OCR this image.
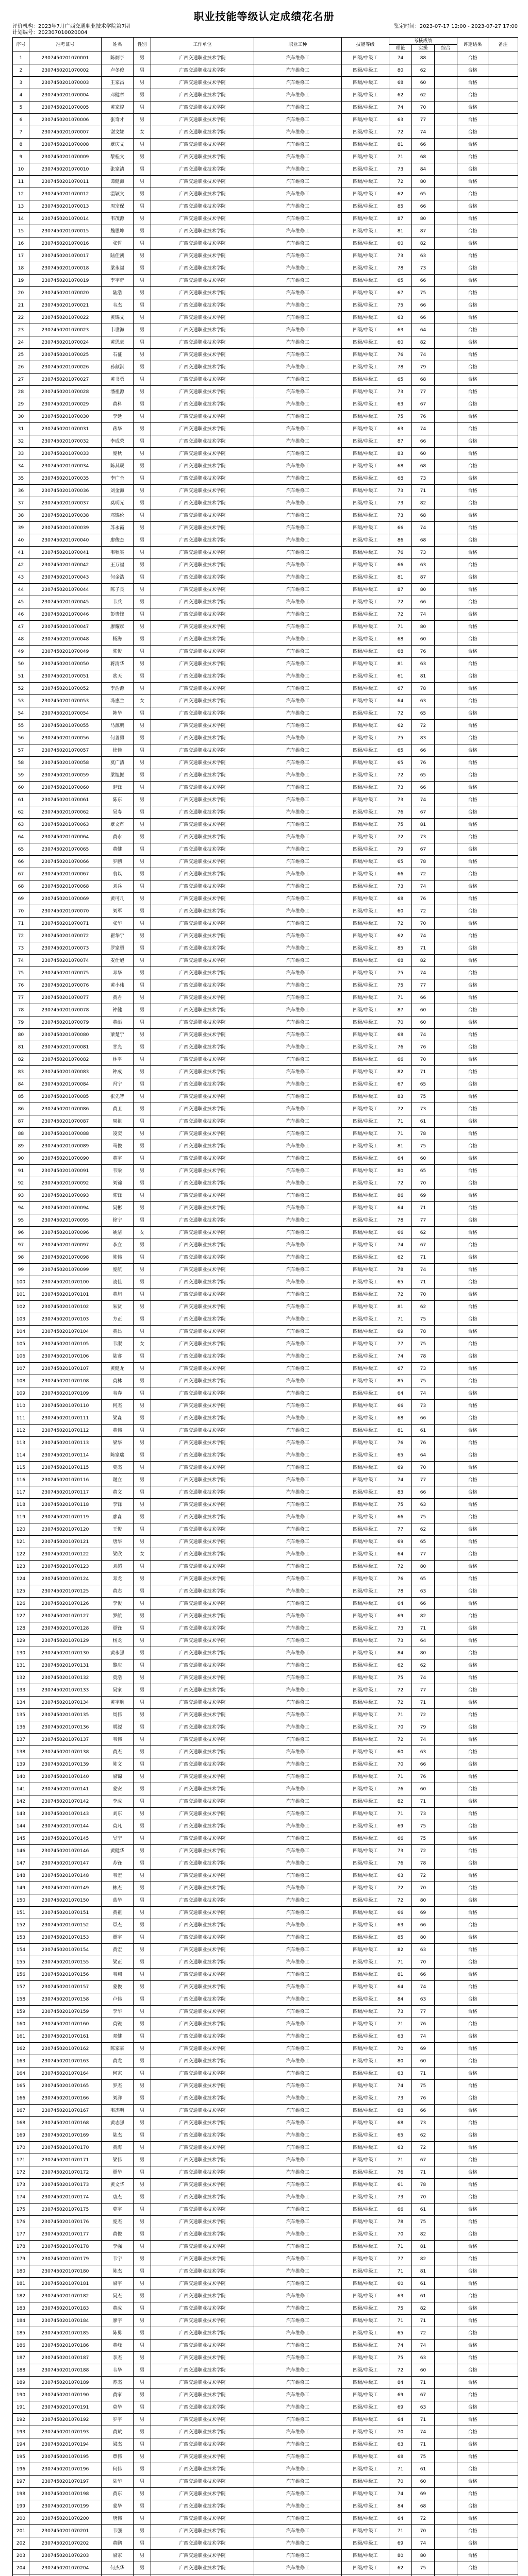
职业技能等级认定成绩花名册
评价机构：2023年7月广西交通职业技术学院第7期	鉴定时间：2023-07-17 12:00 - 2023-07-27 17:00
计划编号：202307010020004
序号	准考证号	姓名	性别	工作单位	职业工种	技能等级	考核成绩			评定结果	备注
							理论	实操	综合		
1	2307450201070001	陈炳亨	男	广西交通职业技术学院	汽车维修工	四级/中级工	74	88		合格	
2	2307450201070002	卢冬俊	男	广西交通职业技术学院	汽车维修工	四级/中级工	80	62		合格	
3	2307450201070003	王家昌	男	广西交通职业技术学院	汽车维修工	四级/中级工	68	60		合格	
4	2307450201070004	邓健章	男	广西交通职业技术学院	汽车维修工	四级/中级工	62	62		合格	
5	2307450201070005	黄家煌	男	广西交通职业技术学院	汽车维修工	四级/中级工	74	70		合格	
6	2307450201070006	张奇才	男	广西交通职业技术学院	汽车维修工	四级/中级工	63	77		合格	
7	2307450201070007	谢文娜	女	广西交通职业技术学院	汽车维修工	四级/中级工	72	74		合格	
8	2307450201070008	覃庆文	男	广西交通职业技术学院	汽车维修工	四级/中级工	81	66		合格	
9	2307450201070009	黎桂文	男	广西交通职业技术学院	汽车维修工	四级/中级工	71	68		合格	
10	2307450201070010	张家清	男	广西交通职业技术学院	汽车维修工	四级/中级工	73	84		合格	
11	2307450201070011	谭健海	男	广西交通职业技术学院	汽车维修工	四级/中级工	72	80		合格	
12	2307450201070012	温颖文	男	广西交通职业技术学院	汽车维修工	四级/中级工	62	65		合格	
13	2307450201070013	周宗保	男	广西交通职业技术学院	汽车维修工	四级/中级工	85	66		合格	
14	2307450201070014	韦茂源	男	广西交通职业技术学院	汽车维修工	四级/中级工	87	80		合格	
15	2307450201070015	魏思坤	男	广西交通职业技术学院	汽车维修工	四级/中级工	81	87		合格	
16	2307450201070016	张哲	男	广西交通职业技术学院	汽车维修工	四级/中级工	60	82		合格	
17	2307450201070017	陆佳凯	男	广西交通职业技术学院	汽车维修工	四级/中级工	73	63		合格	
18	2307450201070018	梁永福	男	广西交通职业技术学院	汽车维修工	四级/中级工	78	73		合格	
19	2307450201070019	李宇奇	男	广西交通职业技术学院	汽车维修工	四级/中级工	65	66		合格	
20	2307450201070020	陆浩	男	广西交通职业技术学院	汽车维修工	四级/中级工	67	75		合格	
21	2307450201070021	韦杰	男	广西交通职业技术学院	汽车维修工	四级/中级工	75	66		合格	
22	2307450201070022	黄锦文	男	广西交通职业技术学院	汽车维修工	四级/中级工	63	66		合格	
23	2307450201070023	韦世海	男	广西交通职业技术学院	汽车维修工	四级/中级工	63	64		合格	
24	2307450201070024	黄思豪	男	广西交通职业技术学院	汽车维修工	四级/中级工	60	82		合格	
25	2307450201070025	石征	男	广西交通职业技术学院	汽车维修工	四级/中级工	76	74		合格	
26	2307450201070026	孙颜淇	男	广西交通职业技术学院	汽车维修工	四级/中级工	78	79		合格	
27	2307450201070027	黄书勇	男	广西交通职业技术学院	汽车维修工	四级/中级工	65	68		合格	
28	2307450201070028	潘祖源	男	广西交通职业技术学院	汽车维修工	四级/中级工	73	77		合格	
29	2307450201070029	黄科	男	广西交通职业技术学院	汽车维修工	四级/中级工	63	67		合格	
30	2307450201070030	李延	男	广西交通职业技术学院	汽车维修工	四级/中级工	75	76		合格	
31	2307450201070031	蒋华	男	广西交通职业技术学院	汽车维修工	四级/中级工	63	74		合格	
32	2307450201070032	李成荣	男	广西交通职业技术学院	汽车维修工	四级/中级工	87	66		合格	
33	2307450201070033	庞秋	男	广西交通职业技术学院	汽车维修工	四级/中级工	83	60		合格	
34	2307450201070034	陈其晟	男	广西交通职业技术学院	汽车维修工	四级/中级工	68	68		合格	
35	2307450201070035	李广全	男	广西交通职业技术学院	汽车维修工	四级/中级工	68	73		合格	
36	2307450201070036	刘金海	男	广西交通职业技术学院	汽车维修工	四级/中级工	73	71		合格	
37	2307450201070037	莫明光	男	广西交通职业技术学院	汽车维修工	四级/中级工	73	82		合格	
38	2307450201070038	邓锦伦	男	广西交通职业技术学院	汽车维修工	四级/中级工	73	68		合格	
39	2307450201070039	苏永霞	男	广西交通职业技术学院	汽车维修工	四级/中级工	66	74		合格	
40	2307450201070040	廖俊杰	男	广西交通职业技术学院	汽车维修工	四级/中级工	86	68		合格	
41	2307450201070041	韦秋实	男	广西交通职业技术学院	汽车维修工	四级/中级工	76	73		合格	
42	2307450201070042	王万福	男	广西交通职业技术学院	汽车维修工	四级/中级工	66	63		合格	
43	2307450201070043	何金浩	男	广西交通职业技术学院	汽车维修工	四级/中级工	81	87		合格	
44	2307450201070044	陈子良	男	广西交通职业技术学院	汽车维修工	四级/中级工	87	80		合格	
45	2307450201070045	韦兵	男	广西交通职业技术学院	汽车维修工	四级/中级工	72	66		合格	
46	2307450201070046	彭贵锋	男	广西交通职业技术学院	汽车维修工	四级/中级工	72	74		合格	
47	2307450201070047	廖耀彦	男	广西交通职业技术学院	汽车维修工	四级/中级工	71	80		合格	
48	2307450201070048	杨海	男	广西交通职业技术学院	汽车维修工	四级/中级工	68	60		合格	
49	2307450201070049	陈俊	男	广西交通职业技术学院	汽车维修工	四级/中级工	68	76		合格	
50	2307450201070050	蒋清华	男	广西交通职业技术学院	汽车维修工	四级/中级工	81	63		合格	
51	2307450201070051	欧天	男	广西交通职业技术学院	汽车维修工	四级/中级工	61	81		合格	
52	2307450201070052	李浩源	男	广西交通职业技术学院	汽车维修工	四级/中级工	67	78		合格	
53	2307450201070053	冯惠兰	女	广西交通职业技术学院	汽车维修工	四级/中级工	64	63		合格	
54	2307450201070054	韩华	男	广西交通职业技术学院	汽车维修工	四级/中级工	72	65		合格	
55	2307450201070055	马源鹏	男	广西交通职业技术学院	汽车维修工	四级/中级工	62	72		合格	
56	2307450201070056	何善勇	男	广西交通职业技术学院	汽车维修工	四级/中级工	75	83		合格	
57	2307450201070057	徐佳	男	广西交通职业技术学院	汽车维修工	四级/中级工	65	66		合格	
58	2307450201070058	莫广清	男	广西交通职业技术学院	汽车维修工	四级/中级工	65	76		合格	
59	2307450201070059	梁旭振	男	广西交通职业技术学院	汽车维修工	四级/中级工	72	65		合格	
60	2307450201070060	赵锋	男	广西交通职业技术学院	汽车维修工	四级/中级工	73	66		合格	
61	2307450201070061	陈东	男	广西交通职业技术学院	汽车维修工	四级/中级工	73	74		合格	
62	2307450201070062	吴寿	男	广西交通职业技术学院	汽车维修工	四级/中级工	76	67		合格	
63	2307450201070063	覃文辉	男	广西交通职业技术学院	汽车维修工	四级/中级工	75	81		合格	
64	2307450201070064	黄永	男	广西交通职业技术学院	汽车维修工	四级/中级工	72	73		合格	
65	2307450201070065	黄健	男	广西交通职业技术学院	汽车维修工	四级/中级工	79	67		合格	
66	2307450201070066	罗鹏	男	广西交通职业技术学院	汽车维修工	四级/中级工	65	78		合格	
67	2307450201070067	翁以	男	广西交通职业技术学院	汽车维修工	四级/中级工	66	72		合格	
68	2307450201070068	刘兵	男	广西交通职业技术学院	汽车维修工	四级/中级工	73	74		合格	
69	2307450201070069	黄可凡	男	广西交通职业技术学院	汽车维修工	四级/中级工	68	76		合格	
70	2307450201070070	刘军	男	广西交通职业技术学院	汽车维修工	四级/中级工	60	72		合格	
71	2307450201070071	张华	男	广西交通职业技术学院	汽车维修工	四级/中级工	72	70		合格	
72	2307450201070072	翟华宁	男	广西交通职业技术学院	汽车维修工	四级/中级工	62	74		合格	
73	2307450201070073	罗家勇	男	广西交通职业技术学院	汽车维修工	四级/中级工	85	71		合格	
74	2307450201070074	麦仕旭	男	广西交通职业技术学院	汽车维修工	四级/中级工	68	82		合格	
75	2307450201070075	邓华	男	广西交通职业技术学院	汽车维修工	四级/中级工	75	74		合格	
76	2307450201070076	黄小伟	男	广西交通职业技术学院	汽车维修工	四级/中级工	75	77		合格	
77	2307450201070077	黄君	男	广西交通职业技术学院	汽车维修工	四级/中级工	71	66		合格	
78	2307450201070078	钟健	男	广西交通职业技术学院	汽车维修工	四级/中级工	87	60		合格	
79	2307450201070079	黄彪	男	广西交通职业技术学院	汽车维修工	四级/中级工	70	60		合格	
80	2307450201070080	梁楚宁	男	广西交通职业技术学院	汽车维修工	四级/中级工	68	74		合格	
81	2307450201070081	甘光	男	广西交通职业技术学院	汽车维修工	四级/中级工	76	76		合格	
82	2307450201070082	林平	男	广西交通职业技术学院	汽车维修工	四级/中级工	66	70		合格	
83	2307450201070083	钟成	男	广西交通职业技术学院	汽车维修工	四级/中级工	82	71		合格	
84	2307450201070084	冯宁	男	广西交通职业技术学院	汽车维修工	四级/中级工	67	65		合格	
85	2307450201070085	张先智	男	广西交通职业技术学院	汽车维修工	四级/中级工	83	75		合格	
86	2307450201070086	黄卫	男	广西交通职业技术学院	汽车维修工	四级/中级工	72	73		合格	
87	2307450201070087	周祖	男	广西交通职业技术学院	汽车维修工	四级/中级工	71	61		合格	
88	2307450201070088	凌奕	男	广西交通职业技术学院	汽车维修工	四级/中级工	71	78		合格	
89	2307450201070089	马俊	男	广西交通职业技术学院	汽车维修工	四级/中级工	81	75		合格	
90	2307450201070090	黄宇	男	广西交通职业技术学院	汽车维修工	四级/中级工	64	60		合格	
91	2307450201070091	韦梁	男	广西交通职业技术学院	汽车维修工	四级/中级工	80	65		合格	
92	2307450201070092	刘锦	男	广西交通职业技术学院	汽车维修工	四级/中级工	72	70		合格	
93	2307450201070093	陈锋	男	广西交通职业技术学院	汽车维修工	四级/中级工	86	69		合格	
94	2307450201070094	吴彬	男	广西交通职业技术学院	汽车维修工	四级/中级工	64	71		合格	
95	2307450201070095	徐宁	男	广西交通职业技术学院	汽车维修工	四级/中级工	78	77		合格	
96	2307450201070096	姚洁	女	广西交通职业技术学院	汽车维修工	四级/中级工	66	62		合格	
97	2307450201070097	李立	男	广西交通职业技术学院	汽车维修工	四级/中级工	74	67		合格	
98	2307450201070098	陈伟	男	广西交通职业技术学院	汽车维修工	四级/中级工	62	71		合格	
99	2307450201070099	庞航	男	广西交通职业技术学院	汽车维修工	四级/中级工	78	74		合格	
100	2307450201070100	凌佳	男	广西交通职业技术学院	汽车维修工	四级/中级工	65	71		合格	
101	2307450201070101	黄旭	男	广西交通职业技术学院	汽车维修工	四级/中级工	72	70		合格	
102	2307450201070102	朱贤	男	广西交通职业技术学院	汽车维修工	四级/中级工	81	62		合格	
103	2307450201070103	方正	男	广西交通职业技术学院	汽车维修工	四级/中级工	71	75		合格	
104	2307450201070104	黄昌	男	广西交通职业技术学院	汽车维修工	四级/中级工	69	78		合格	
105	2307450201070105	韦淑	女	广西交通职业技术学院	汽车维修工	四级/中级工	77	75		合格	
106	2307450201070106	陆睿	男	广西交通职业技术学院	汽车维修工	四级/中级工	74	78		合格	
107	2307450201070107	黄健龙	男	广西交通职业技术学院	汽车维修工	四级/中级工	67	73		合格	
108	2307450201070108	莫林	男	广西交通职业技术学院	汽车维修工	四级/中级工	85	75		合格	
109	2307450201070109	韦春	男	广西交通职业技术学院	汽车维修工	四级/中级工	64	74		合格	
110	2307450201070110	何杰	男	广西交通职业技术学院	汽车维修工	四级/中级工	66	73		合格	
111	2307450201070111	梁森	男	广西交通职业技术学院	汽车维修工	四级/中级工	68	66		合格	
112	2307450201070112	黄伟	男	广西交通职业技术学院	汽车维修工	四级/中级工	81	61		合格	
113	2307450201070113	梁华	男	广西交通职业技术学院	汽车维修工	四级/中级工	76	76		合格	
114	2307450201070114	陈家瑞	男	广西交通职业技术学院	汽车维修工	四级/中级工	65	64		合格	
115	2307450201070115	莫杰	男	广西交通职业技术学院	汽车维修工	四级/中级工	69	70		合格	
116	2307450201070116	谢立	男	广西交通职业技术学院	汽车维修工	四级/中级工	74	77		合格	
117	2307450201070117	黄文	男	广西交通职业技术学院	汽车维修工	四级/中级工	83	66		合格	
118	2307450201070118	李锋	男	广西交通职业技术学院	汽车维修工	四级/中级工	75	63		合格	
119	2307450201070119	廖森	男	广西交通职业技术学院	汽车维修工	四级/中级工	66	75		合格	
120	2307450201070120	王俊	男	广西交通职业技术学院	汽车维修工	四级/中级工	77	62		合格	
121	2307450201070121	唐华	男	广西交通职业技术学院	汽车维修工	四级/中级工	69	65		合格	
122	2307450201070122	梁欣	女	广西交通职业技术学院	汽车维修工	四级/中级工	64	77		合格	
123	2307450201070123	刘超	男	广西交通职业技术学院	汽车维修工	四级/中级工	72	80		合格	
124	2307450201070124	邓龙	男	广西交通职业技术学院	汽车维修工	四级/中级工	76	65		合格	
125	2307450201070125	黄志	男	广西交通职业技术学院	汽车维修工	四级/中级工	78	63		合格	
126	2307450201070126	李俊	男	广西交通职业技术学院	汽车维修工	四级/中级工	64	66		合格	
127	2307450201070127	罗航	男	广西交通职业技术学院	汽车维修工	四级/中级工	69	82		合格	
128	2307450201070128	覃锋	男	广西交通职业技术学院	汽车维修工	四级/中级工	73	71		合格	
129	2307450201070129	杨龙	男	广西交通职业技术学院	汽车维修工	四级/中级工	73	64		合格	
130	2307450201070130	黄永强	男	广西交通职业技术学院	汽车维修工	四级/中级工	84	80		合格	
131	2307450201070131	黎庆	男	广西交通职业技术学院	汽车维修工	四级/中级工	62	62		合格	
132	2307450201070132	莫浩	男	广西交通职业技术学院	汽车维修工	四级/中级工	75	74		合格	
133	2307450201070133	吴家	男	广西交通职业技术学院	汽车维修工	四级/中级工	72	77		合格	
134	2307450201070134	黄宇航	男	广西交通职业技术学院	汽车维修工	四级/中级工	72	71		合格	
135	2307450201070135	周伟	男	广西交通职业技术学院	汽车维修工	四级/中级工	71	72		合格	
136	2307450201070136	胡源	男	广西交通职业技术学院	汽车维修工	四级/中级工	70	79		合格	
137	2307450201070137	韦伟	男	广西交通职业技术学院	汽车维修工	四级/中级工	72	74		合格	
138	2307450201070138	黄杰	男	广西交通职业技术学院	汽车维修工	四级/中级工	60	63		合格	
139	2307450201070139	陈文	男	广西交通职业技术学院	汽车维修工	四级/中级工	70	66		合格	
140	2307450201070140	梁锦	男	广西交通职业技术学院	汽车维修工	四级/中级工	71	76		合格	
141	2307450201070141	蒙安	男	广西交通职业技术学院	汽车维修工	四级/中级工	76	60		合格	
142	2307450201070142	李成	男	广西交通职业技术学院	汽车维修工	四级/中级工	82	71		合格	
143	2307450201070143	刘东	男	广西交通职业技术学院	汽车维修工	四级/中级工	71	73		合格	
144	2307450201070144	莫凡	男	广西交通职业技术学院	汽车维修工	四级/中级工	69	75		合格	
145	2307450201070145	吴宁	男	广西交通职业技术学院	汽车维修工	四级/中级工	66	75		合格	
146	2307450201070146	黄健华	男	广西交通职业技术学院	汽车维修工	四级/中级工	73	72		合格	
147	2307450201070147	苏锋	男	广西交通职业技术学院	汽车维修工	四级/中级工	76	78		合格	
148	2307450201070148	韦宏	男	广西交通职业技术学院	汽车维修工	四级/中级工	63	72		合格	
149	2307450201070149	林杰	男	广西交通职业技术学院	汽车维修工	四级/中级工	72	70		合格	
150	2307450201070150	蓝华	男	广西交通职业技术学院	汽车维修工	四级/中级工	72	80		合格	
151	2307450201070151	黄祖	男	广西交通职业技术学院	汽车维修工	四级/中级工	66	69		合格	
152	2307450201070152	覃杰	男	广西交通职业技术学院	汽车维修工	四级/中级工	63	66		合格	
153	2307450201070153	覃宇	男	广西交通职业技术学院	汽车维修工	四级/中级工	85	80		合格	
154	2307450201070154	黄宏	男	广西交通职业技术学院	汽车维修工	四级/中级工	82	63		合格	
155	2307450201070155	梁正	男	广西交通职业技术学院	汽车维修工	四级/中级工	71	70		合格	
156	2307450201070156	韦翔	男	广西交通职业技术学院	汽车维修工	四级/中级工	81	66		合格	
157	2307450201070157	蒙俊	男	广西交通职业技术学院	汽车维修工	四级/中级工	64	74		合格	
158	2307450201070158	卢伟	男	广西交通职业技术学院	汽车维修工	四级/中级工	84	63		合格	
159	2307450201070159	李华	男	广西交通职业技术学院	汽车维修工	四级/中级工	73	77		合格	
160	2307450201070160	莫锐	男	广西交通职业技术学院	汽车维修工	四级/中级工	71	76		合格	
161	2307450201070161	邓健	男	广西交通职业技术学院	汽车维修工	四级/中级工	63	74		合格	
162	2307450201070162	陈家豪	男	广西交通职业技术学院	汽车维修工	四级/中级工	70	69		合格	
163	2307450201070163	黄龙	男	广西交通职业技术学院	汽车维修工	四级/中级工	80	60		合格	
164	2307450201070164	何家	男	广西交通职业技术学院	汽车维修工	四级/中级工	63	71		合格	
165	2307450201070165	罗杰	男	广西交通职业技术学院	汽车维修工	四级/中级工	74	75		合格	
166	2307450201070166	刘洋	男	广西交通职业技术学院	汽车维修工	四级/中级工	73	76		合格	
167	2307450201070167	韦杰明	男	广西交通职业技术学院	汽车维修工	四级/中级工	68	66		合格	
168	2307450201070168	黄志强	男	广西交通职业技术学院	汽车维修工	四级/中级工	68	73		合格	
169	2307450201070169	陆杰	男	广西交通职业技术学院	汽车维修工	四级/中级工	65	62		合格	
170	2307450201070170	黄海	男	广西交通职业技术学院	汽车维修工	四级/中级工	63	72		合格	
171	2307450201070171	梁伟	男	广西交通职业技术学院	汽车维修工	四级/中级工	71	67		合格	
172	2307450201070172	覃华	男	广西交通职业技术学院	汽车维修工	四级/中级工	76	71		合格	
173	2307450201070173	黄文华	男	广西交通职业技术学院	汽车维修工	四级/中级工	61	78		合格	
174	2307450201070174	唐杰	男	广西交通职业技术学院	汽车维修工	四级/中级工	73	70		合格	
175	2307450201070175	莫宇	男	广西交通职业技术学院	汽车维修工	四级/中级工	66	61		合格	
176	2307450201070176	庞杰	男	广西交通职业技术学院	汽车维修工	四级/中级工	78	75		合格	
177	2307450201070177	黄俊	男	广西交通职业技术学院	汽车维修工	四级/中级工	70	82		合格	
178	2307450201070178	李强	男	广西交通职业技术学院	汽车维修工	四级/中级工	71	81		合格	
179	2307450201070179	韦宇	男	广西交通职业技术学院	汽车维修工	四级/中级工	77	82		合格	
180	2307450201070180	陈杰	男	广西交通职业技术学院	汽车维修工	四级/中级工	71	81		合格	
181	2307450201070181	梁宇	男	广西交通职业技术学院	汽车维修工	四级/中级工	60	61		合格	
182	2307450201070182	吴杰	男	广西交通职业技术学院	汽车维修工	四级/中级工	63	61		合格	
183	2307450201070183	黄成	男	广西交通职业技术学院	汽车维修工	四级/中级工	75	82		合格	
184	2307450201070184	廖宇	男	广西交通职业技术学院	汽车维修工	四级/中级工	71	71		合格	
185	2307450201070185	陈勇	男	广西交通职业技术学院	汽车维修工	四级/中级工	65	72		合格	
186	2307450201070186	黄峰	男	广西交通职业技术学院	汽车维修工	四级/中级工	74	74		合格	
187	2307450201070187	李杰	男	广西交通职业技术学院	汽车维修工	四级/中级工	75	63		合格	
188	2307450201070188	韦华	男	广西交通职业技术学院	汽车维修工	四级/中级工	72	60		合格	
189	2307450201070189	苏杰	男	广西交通职业技术学院	汽车维修工	四级/中级工	84	71		合格	
190	2307450201070190	黄家	男	广西交通职业技术学院	汽车维修工	四级/中级工	69	67		合格	
191	2307450201070191	莫华	男	广西交通职业技术学院	汽车维修工	四级/中级工	69	63		合格	
192	2307450201070192	罗宇	男	广西交通职业技术学院	汽车维修工	四级/中级工	64	71		合格	
193	2307450201070193	黄斌	男	广西交通职业技术学院	汽车维修工	四级/中级工	70	74		合格	
194	2307450201070194	梁杰	男	广西交通职业技术学院	汽车维修工	四级/中级工	63	71		合格	
195	2307450201070195	覃伟	男	广西交通职业技术学院	汽车维修工	四级/中级工	68	75		合格	
196	2307450201070196	何伟	男	广西交通职业技术学院	汽车维修工	四级/中级工	71	61		合格	
197	2307450201070197	陆华	男	广西交通职业技术学院	汽车维修工	四级/中级工	70	60		合格	
198	2307450201070198	黄东	男	广西交通职业技术学院	汽车维修工	四级/中级工	74	69		合格	
199	2307450201070199	蒙华	男	广西交通职业技术学院	汽车维修工	四级/中级工	84	68		合格	
200	2307450201070200	唐伟	男	广西交通职业技术学院	汽车维修工	四级/中级工	64	72		合格	
201	2307450201070201	韦强	男	广西交通职业技术学院	汽车维修工	四级/中级工	71	70		合格	
202	2307450201070202	黄鹏	男	广西交通职业技术学院	汽车维修工	四级/中级工	69	74		合格	
203	2307450201070203	梁家	男	广西交通职业技术学院	汽车维修工	四级/中级工	80	80		合格	
204	2307450201070204	何杰华	男	广西交通职业技术学院	汽车维修工	四级/中级工	62	75		合格	
